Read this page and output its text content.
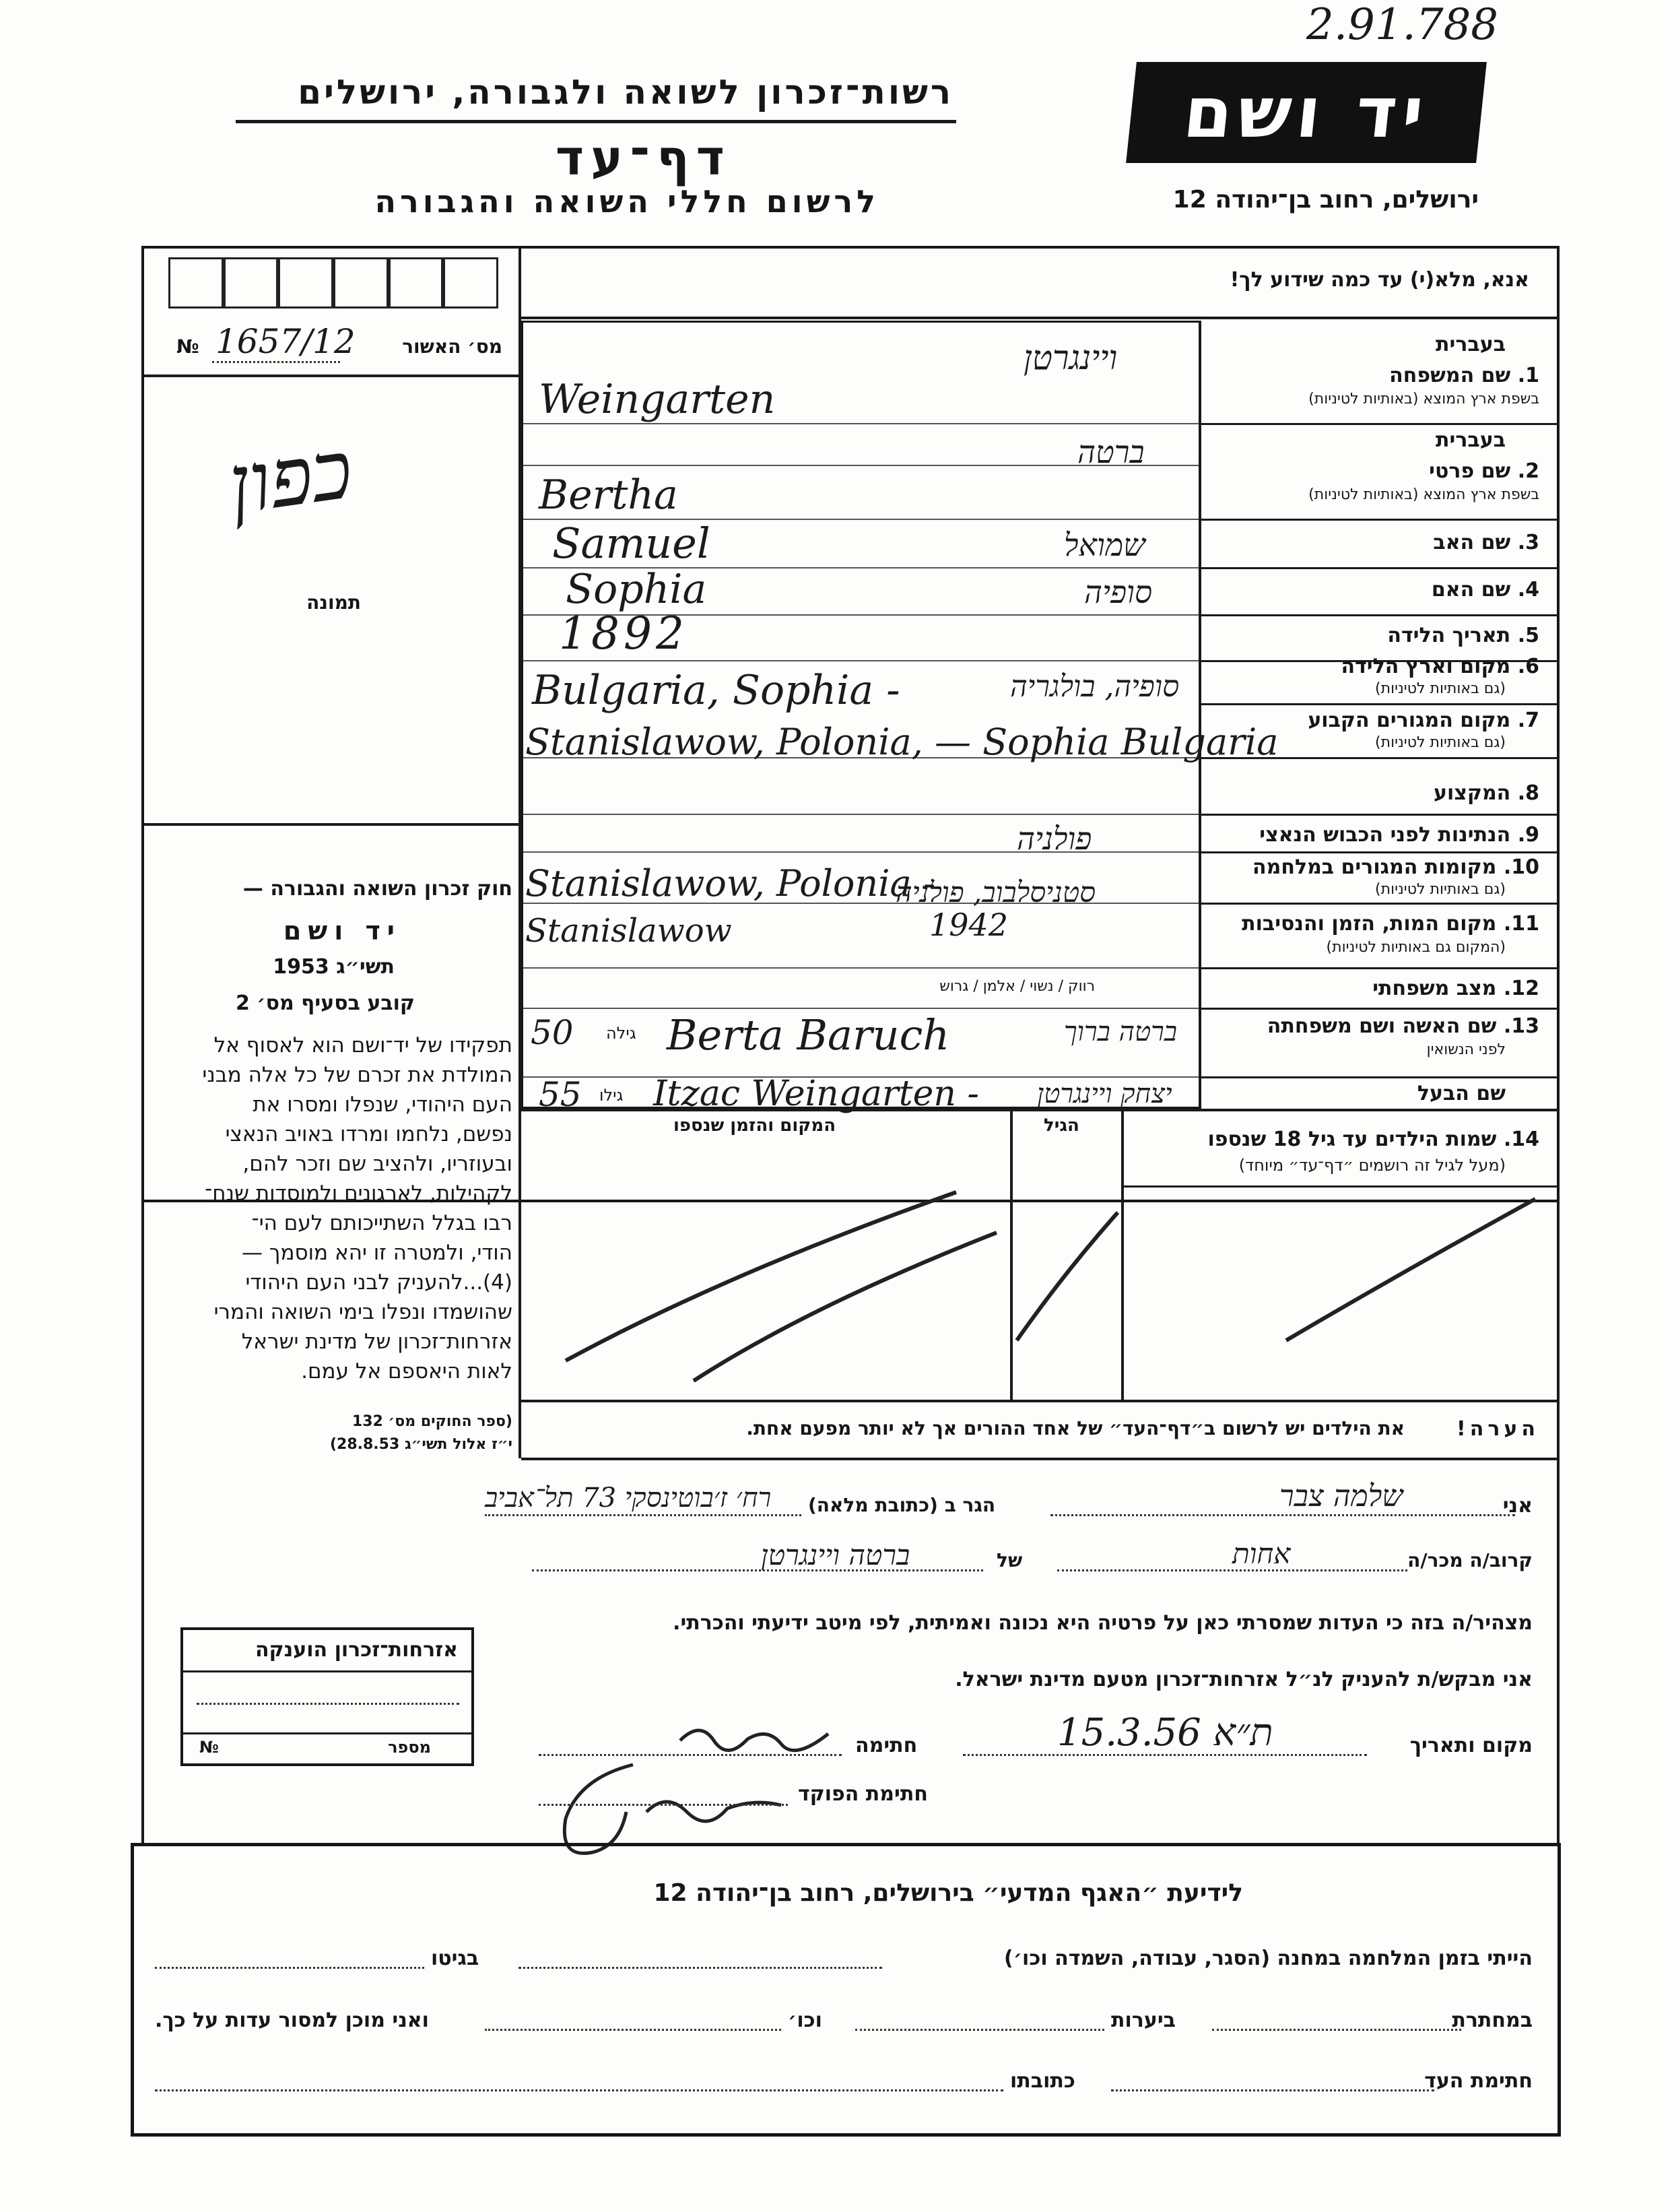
2.91.788
רשות־זכרון לשואה ולגבורה, ירושלים
דף־עד
לרשום חללי השואה והגבורה
יד ושם
ירושלים, רחוב בן־יהודה 12
אנא, מלא(י) עד כמה שידוע לך!
מס׳ האשור
№ 1657/12
כפון
תמונה
חוק זכרון השואה והגבורה —
יד ושם
תשי״ג 1953
קובע בסעיף מס׳ 2
תפקידו של יד־ושם הוא לאסוף אל
המולדת את זכרם של כל אלה מבני
העם היהודי, שנפלו ומסרו את
נפשם, נלחמו ומרדו באויב הנאצי
ובעוזריו, ולהציב שם וזכר להם,
לקהילות, לארגונים ולמוסדות שנח־
רבו בגלל השתייכותם לעם הי־
הודי, ולמטרה זו יהא מוסמך —
(4)...להעניק לבני העם היהודי
שהושמדו ונפלו בימי השואה והמרי
אזרחות־זכרון של מדינת ישראל
לאות היאספם אל עמם.
(ספר החוקים מס׳ 132
י״ז אלול תשי״ג 28.8.53)
בעברית
1. שם המשפחה
בשפת ארץ המוצא (באותיות לטיניות)
בעברית
2. שם פרטי
בשפת ארץ המוצא (באותיות לטיניות)
3. שם האב
4. שם האם
5. תאריך הלידה
6. מקום וארץ הלידה
(גם באותיות לטיניות)
7. מקום המגורים הקבוע
(גם באותיות לטיניות)
8. המקצוע
9. הנתינות לפני הכבוש הנאצי
10. מקומות המגורים במלחמה
(גם באותיות לטיניות)
11. מקום המות, הזמן והנסיבות
(המקום גם באותיות לטיניות)
12. מצב משפחתי
13. שם האשה ושם משפחתה
לפני הנשואין
שם הבעל
ויינגרטן
Weingarten
ברטה
Bertha
שמואל
Samuel
סופיה
Sophia
1892
סופיה, בולגריה
Bulgaria, Sophia -
Stanislawow, Polonia, — Sophia Bulgaria
פולניה
סטניסלבוב, פולניה
Stanislawow, Polonia -
Stanislawow	1942
רווק / נשוי / אלמן / גרוש
50 גילה Berta Baruch	ברטה ברוך
55 גילו Itzac Weingarten - יצחק ויינגרטן
14. שמות הילדים עד גיל 18 שנספו
(מעל לגיל זה רושמים ״דף־עד״ מיוחד)
הגיל
המקום והזמן שנספו
הערה!
את הילדים יש לרשום ב״דף־העד״ של אחד ההורים אך לא יותר מפעם אחת.
אני
שלמה צבר
הגר ב (כתובת מלאה)
רח׳ ז׳בוטינסקי 73 תל־אביב
קרוב/ה מכר/ה
אחות
של
ברטה ויינגרטן
מצהיר/ה בזה כי העדות שמסרתי כאן על פרטיה היא נכונה ואמיתית, לפי מיטב ידיעתי והכרתי.
אני מבקש/ת להעניק לנ״ל אזרחות־זכרון מטעם מדינת ישראל.
מקום ותאריך
ת״א 15.3.56
חתימה
חתימת הפוקד
אזרחות־זכרון הוענקה
מספר
№
לידיעת ״האגף המדעי״ בירושלים, רחוב בן־יהודה 12
הייתי בזמן המלחמה במחנה (הסגר, עבודה, השמדה וכו׳)
בגיטו
במחתרת
ביערות
וכו׳
ואני מוכן למסור עדות על כך.
חתימת העד
כתובתו
